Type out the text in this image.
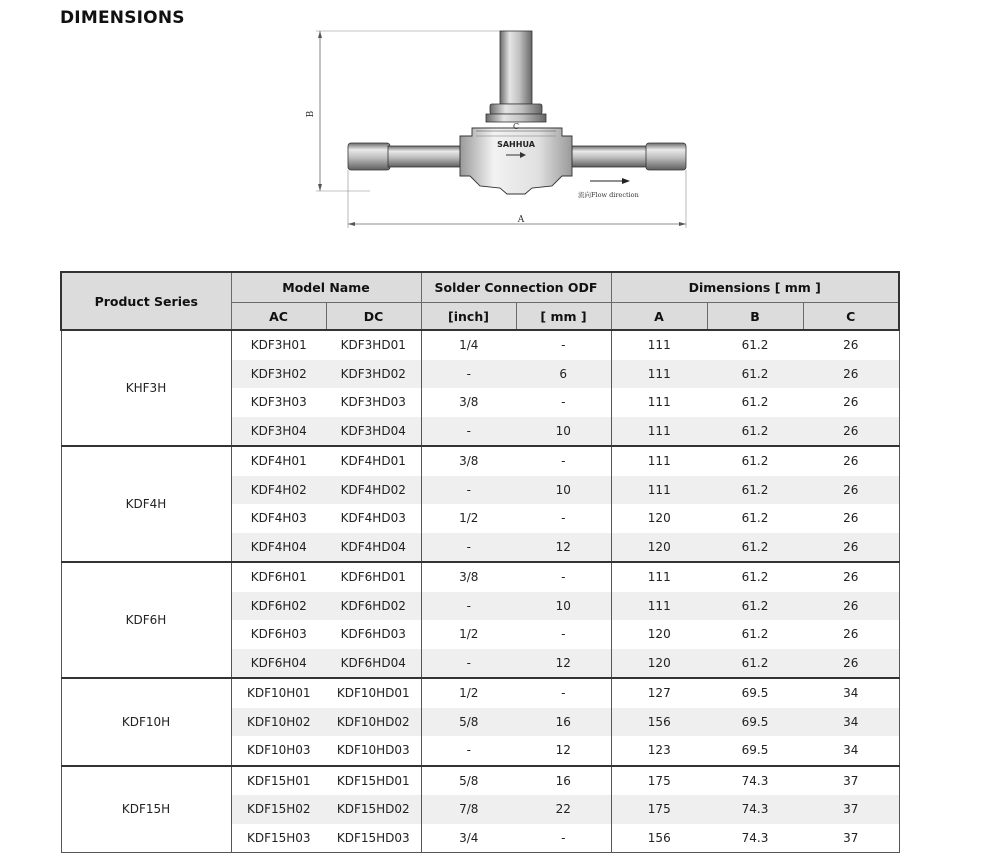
DIMENSIONS
B
C
SAHHUA
流向Flow direction
A
Product Series	Model Name		Solder Connection ODF		Dimensions [ mm ]		
	AC	DC	[inch]	[ mm ]	A	B	C
KHF3H	KDF3H01	KDF3HD01	1/4	-	111	61.2	26
	KDF3H02	KDF3HD02	-	6	111	61.2	26
	KDF3H03	KDF3HD03	3/8	-	111	61.2	26
	KDF3H04	KDF3HD04	-	10	111	61.2	26
KDF4H	KDF4H01	KDF4HD01	3/8	-	111	61.2	26
	KDF4H02	KDF4HD02	-	10	111	61.2	26
	KDF4H03	KDF4HD03	1/2	-	120	61.2	26
	KDF4H04	KDF4HD04	-	12	120	61.2	26
KDF6H	KDF6H01	KDF6HD01	3/8	-	111	61.2	26
	KDF6H02	KDF6HD02	-	10	111	61.2	26
	KDF6H03	KDF6HD03	1/2	-	120	61.2	26
	KDF6H04	KDF6HD04	-	12	120	61.2	26
KDF10H	KDF10H01	KDF10HD01	1/2	-	127	69.5	34
	KDF10H02	KDF10HD02	5/8	16	156	69.5	34
	KDF10H03	KDF10HD03	-	12	123	69.5	34
KDF15H	KDF15H01	KDF15HD01	5/8	16	175	74.3	37
	KDF15H02	KDF15HD02	7/8	22	175	74.3	37
	KDF15H03	KDF15HD03	3/4	-	156	74.3	37
